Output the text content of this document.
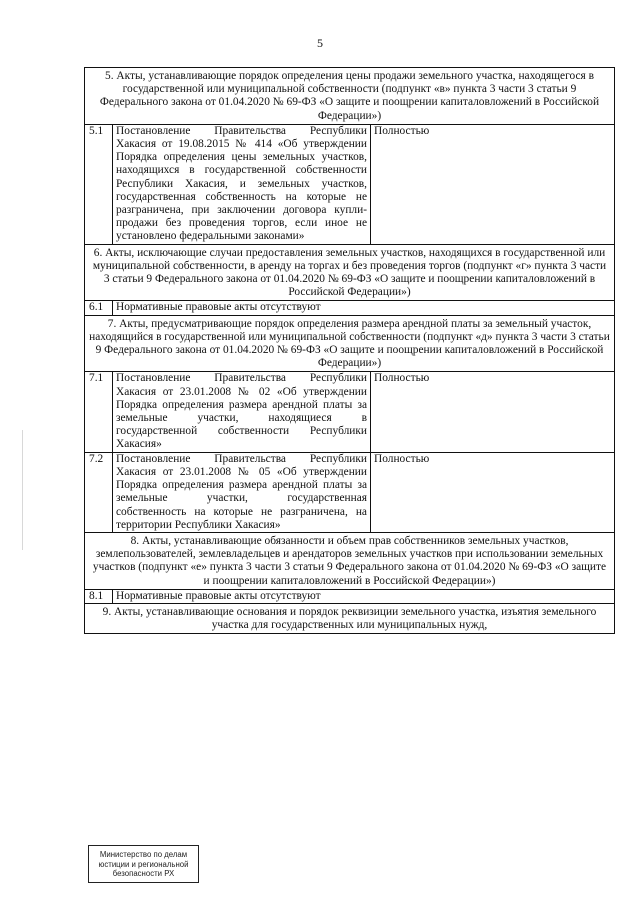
5
5. Акты, устанавливающие порядок определения цены продажи земельного участка, находящегося в государственной или муниципальной собственности (подпункт «в» пункта 3 части 3 статьи 9 Федерального закона от 01.04.2020 № 69-ФЗ «О защите и поощрении капиталовложений в Российской Федерации»)		
5.1	Постановление Правительства Республики Хакасия от 19.08.2015 № 414 «Об утверждении Порядка определения цены земельных участков, находящихся в государственной собственности Республики Хакасия, и земельных участков, государственная собственность на которые не разграничена, при заключении договора купли-продажи без проведения торгов, если иное не установлено федеральными законами»	Полностью
6. Акты, исключающие случаи предоставления земельных участков, находящихся в государственной или муниципальной собственности, в аренду на торгах и без проведения торгов (подпункт «г» пункта 3 части 3 статьи 9 Федерального закона от 01.04.2020 № 69-ФЗ «О защите и поощрении капиталовложений в Российской Федерации»)		
6.1	Нормативные правовые акты отсутствуют	
7. Акты, предусматривающие порядок определения размера арендной платы за земельный участок, находящийся в государственной или муниципальной собственности (подпункт «д» пункта 3 части 3 статьи 9 Федерального закона от 01.04.2020 № 69-ФЗ «О защите и поощрении капиталовложений в Российской Федерации»)		
7.1	Постановление Правительства Республики Хакасия от 23.01.2008 № 02 «Об утверждении Порядка определения размера арендной платы за земельные участки, находящиеся в государственной собственности Республики Хакасия»	Полностью
7.2	Постановление Правительства Республики Хакасия от 23.01.2008 № 05 «Об утверждении Порядка определения размера арендной платы за земельные участки, государственная собственность на которые не разграничена, на территории Республики Хакасия»	Полностью
8. Акты, устанавливающие обязанности и объем прав собственников земельных участков, землепользователей, землевладельцев и арендаторов земельных участков при использовании земельных участков (подпункт «е» пункта 3 части 3 статьи 9 Федерального закона от 01.04.2020 № 69-ФЗ «О защите и поощрении капиталовложений в Российской Федерации»)		
8.1	Нормативные правовые акты отсутствуют	
9. Акты, устанавливающие основания и порядок реквизиции земельного участка, изъятия земельного участка для государственных или муниципальных нужд,		
Министерство по делам
юстиции и региональной
безопасности РХ
